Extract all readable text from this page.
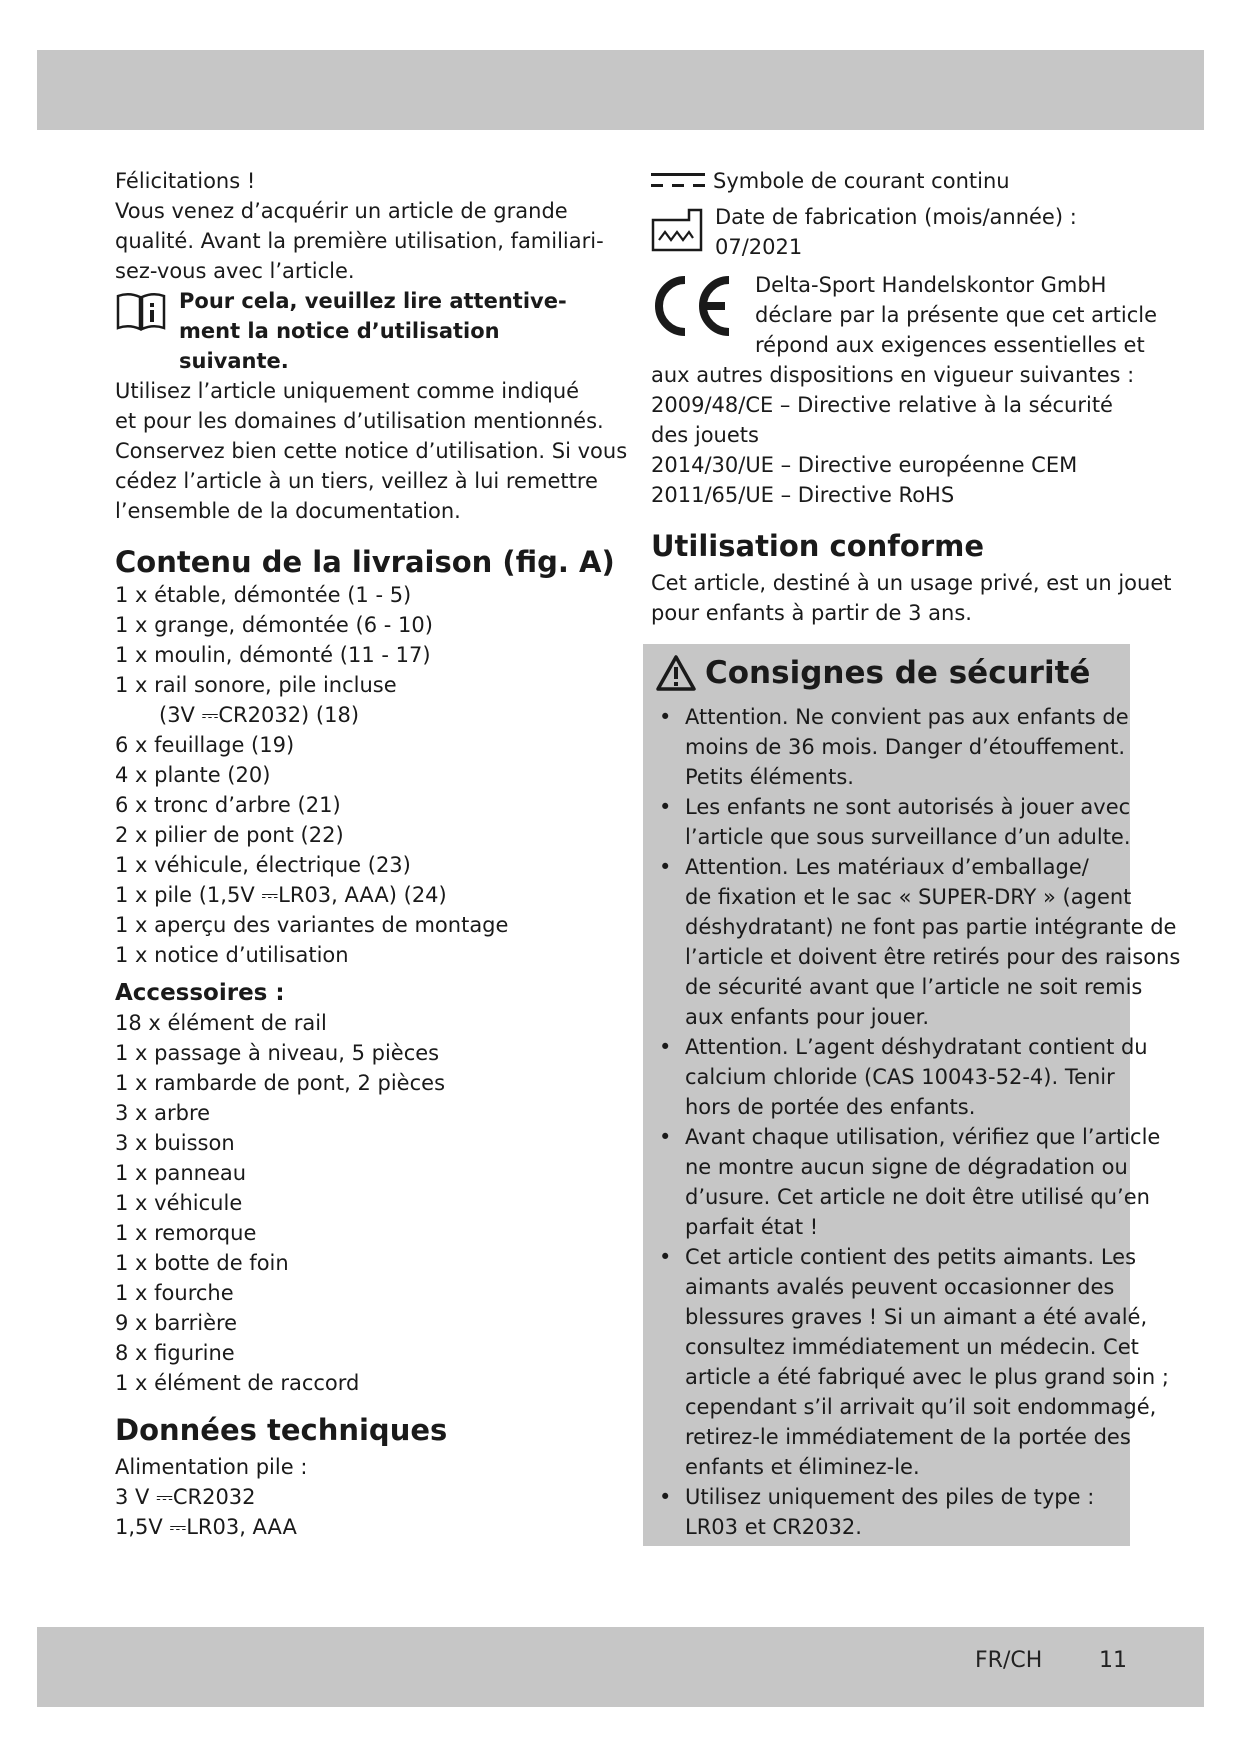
Félicitations !
Vous venez d’acquérir un article de grande
qualité. Avant la première utilisation, familiari-
sez-vous avec l’article.
Pour cela, veuillez lire attentive-
ment la notice d’utilisation
suivante.
Utilisez l’article uniquement comme indiqué
et pour les domaines d’utilisation mentionnés.
Conservez bien cette notice d’utilisation. Si vous
cédez l’article à un tiers, veillez à lui remettre
l’ensemble de la documentation.
Contenu de la livraison (fig. A)
1 x étable, démontée (1 - 5)
1 x grange, démontée (6 - 10)
1 x moulin, démonté (11 - 17)
1 x rail sonore, pile incluse
(3V ⎓CR2032) (18)
6 x feuillage (19)
4 x plante (20)
6 x tronc d’arbre (21)
2 x pilier de pont (22)
1 x véhicule, électrique (23)
1 x pile (1,5V ⎓LR03, AAA) (24)
1 x aperçu des variantes de montage
1 x notice d’utilisation
Accessoires :
18 x élément de rail
1 x passage à niveau, 5 pièces
1 x rambarde de pont, 2 pièces
3 x arbre
3 x buisson
1 x panneau
1 x véhicule
1 x remorque
1 x botte de foin
1 x fourche
9 x barrière
8 x figurine
1 x élément de raccord
Données techniques
Alimentation pile :
3 V ⎓CR2032
1,5V ⎓LR03, AAA
Symbole de courant continu
Date de fabrication (mois/année) :
07/2021
Delta-Sport Handelskontor GmbH
déclare par la présente que cet article
répond aux exigences essentielles et
aux autres dispositions en vigueur suivantes :
2009/48/CE – Directive relative à la sécurité
des jouets
2014/30/UE – Directive européenne CEM
2011/65/UE – Directive RoHS
Utilisation conforme
Cet article, destiné à un usage privé, est un jouet
pour enfants à partir de 3 ans.
Consignes de sécurité
• Attention. Ne convient pas aux enfants de
moins de 36 mois. Danger d’étouffement.
Petits éléments.
• Les enfants ne sont autorisés à jouer avec
l’article que sous surveillance d’un adulte.
• Attention. Les matériaux d’emballage/
de fixation et le sac « SUPER-DRY » (agent
déshydratant) ne font pas partie intégrante de
l’article et doivent être retirés pour des raisons
de sécurité avant que l’article ne soit remis
aux enfants pour jouer.
• Attention. L’agent déshydratant contient du
calcium chloride (CAS 10043-52-4). Tenir
hors de portée des enfants.
• Avant chaque utilisation, vérifiez que l’article
ne montre aucun signe de dégradation ou
d’usure. Cet article ne doit être utilisé qu’en
parfait état !
• Cet article contient des petits aimants. Les
aimants avalés peuvent occasionner des
blessures graves ! Si un aimant a été avalé,
consultez immédiatement un médecin. Cet
article a été fabriqué avec le plus grand soin ;
cependant s’il arrivait qu’il soit endommagé,
retirez-le immédiatement de la portée des
enfants et éliminez-le.
• Utilisez uniquement des piles de type :
LR03 et CR2032.
FR/CH	11
